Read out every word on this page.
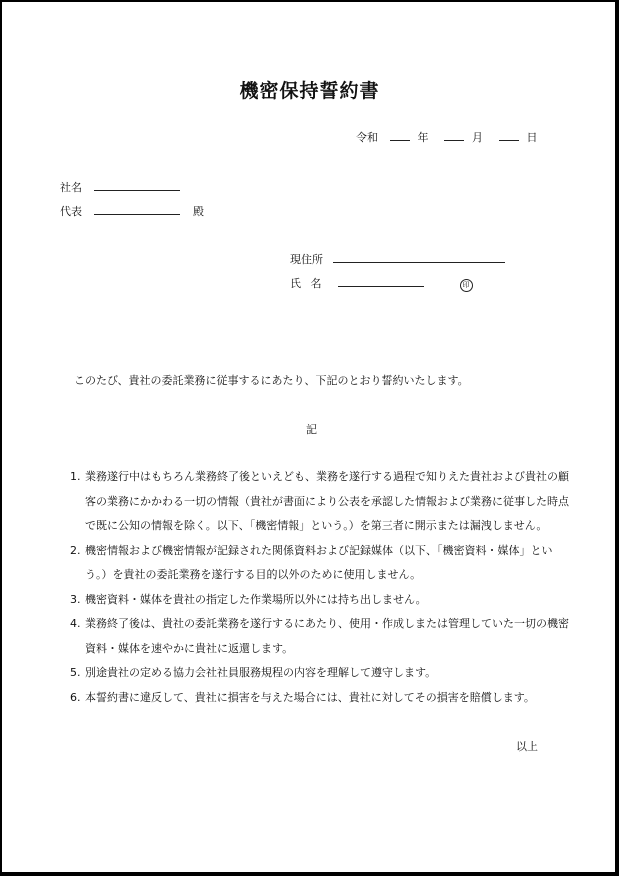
機密保持誓約書
令和	年	月	日
社名
代表	殿
現住所
氏 名	印
このたび、貴社の委託業務に従事するにあたり、下記のとおり誓約いたします。
記
1. 業務遂行中はもちろん業務終了後といえども、業務を遂行する過程で知りえた貴社および貴社の顧客の業務にかかわる一切の情報（貴社が書面により公表を承認した情報および業務に従事した時点で既に公知の情報を除く。以下、「機密情報」という。）を第三者に開示または漏洩しません。
2. 機密情報および機密情報が記録された関係資料および記録媒体（以下、「機密資料・媒体」という。）を貴社の委託業務を遂行する目的以外のために使用しません。
3. 機密資料・媒体を貴社の指定した作業場所以外には持ち出しません。
4. 業務終了後は、貴社の委託業務を遂行するにあたり、使用・作成しまたは管理していた一切の機密資料・媒体を速やかに貴社に返還します。
5. 別途貴社の定める協力会社社員服務規程の内容を理解して遵守します。
6. 本誓約書に違反して、貴社に損害を与えた場合には、貴社に対してその損害を賠償します。
以上
